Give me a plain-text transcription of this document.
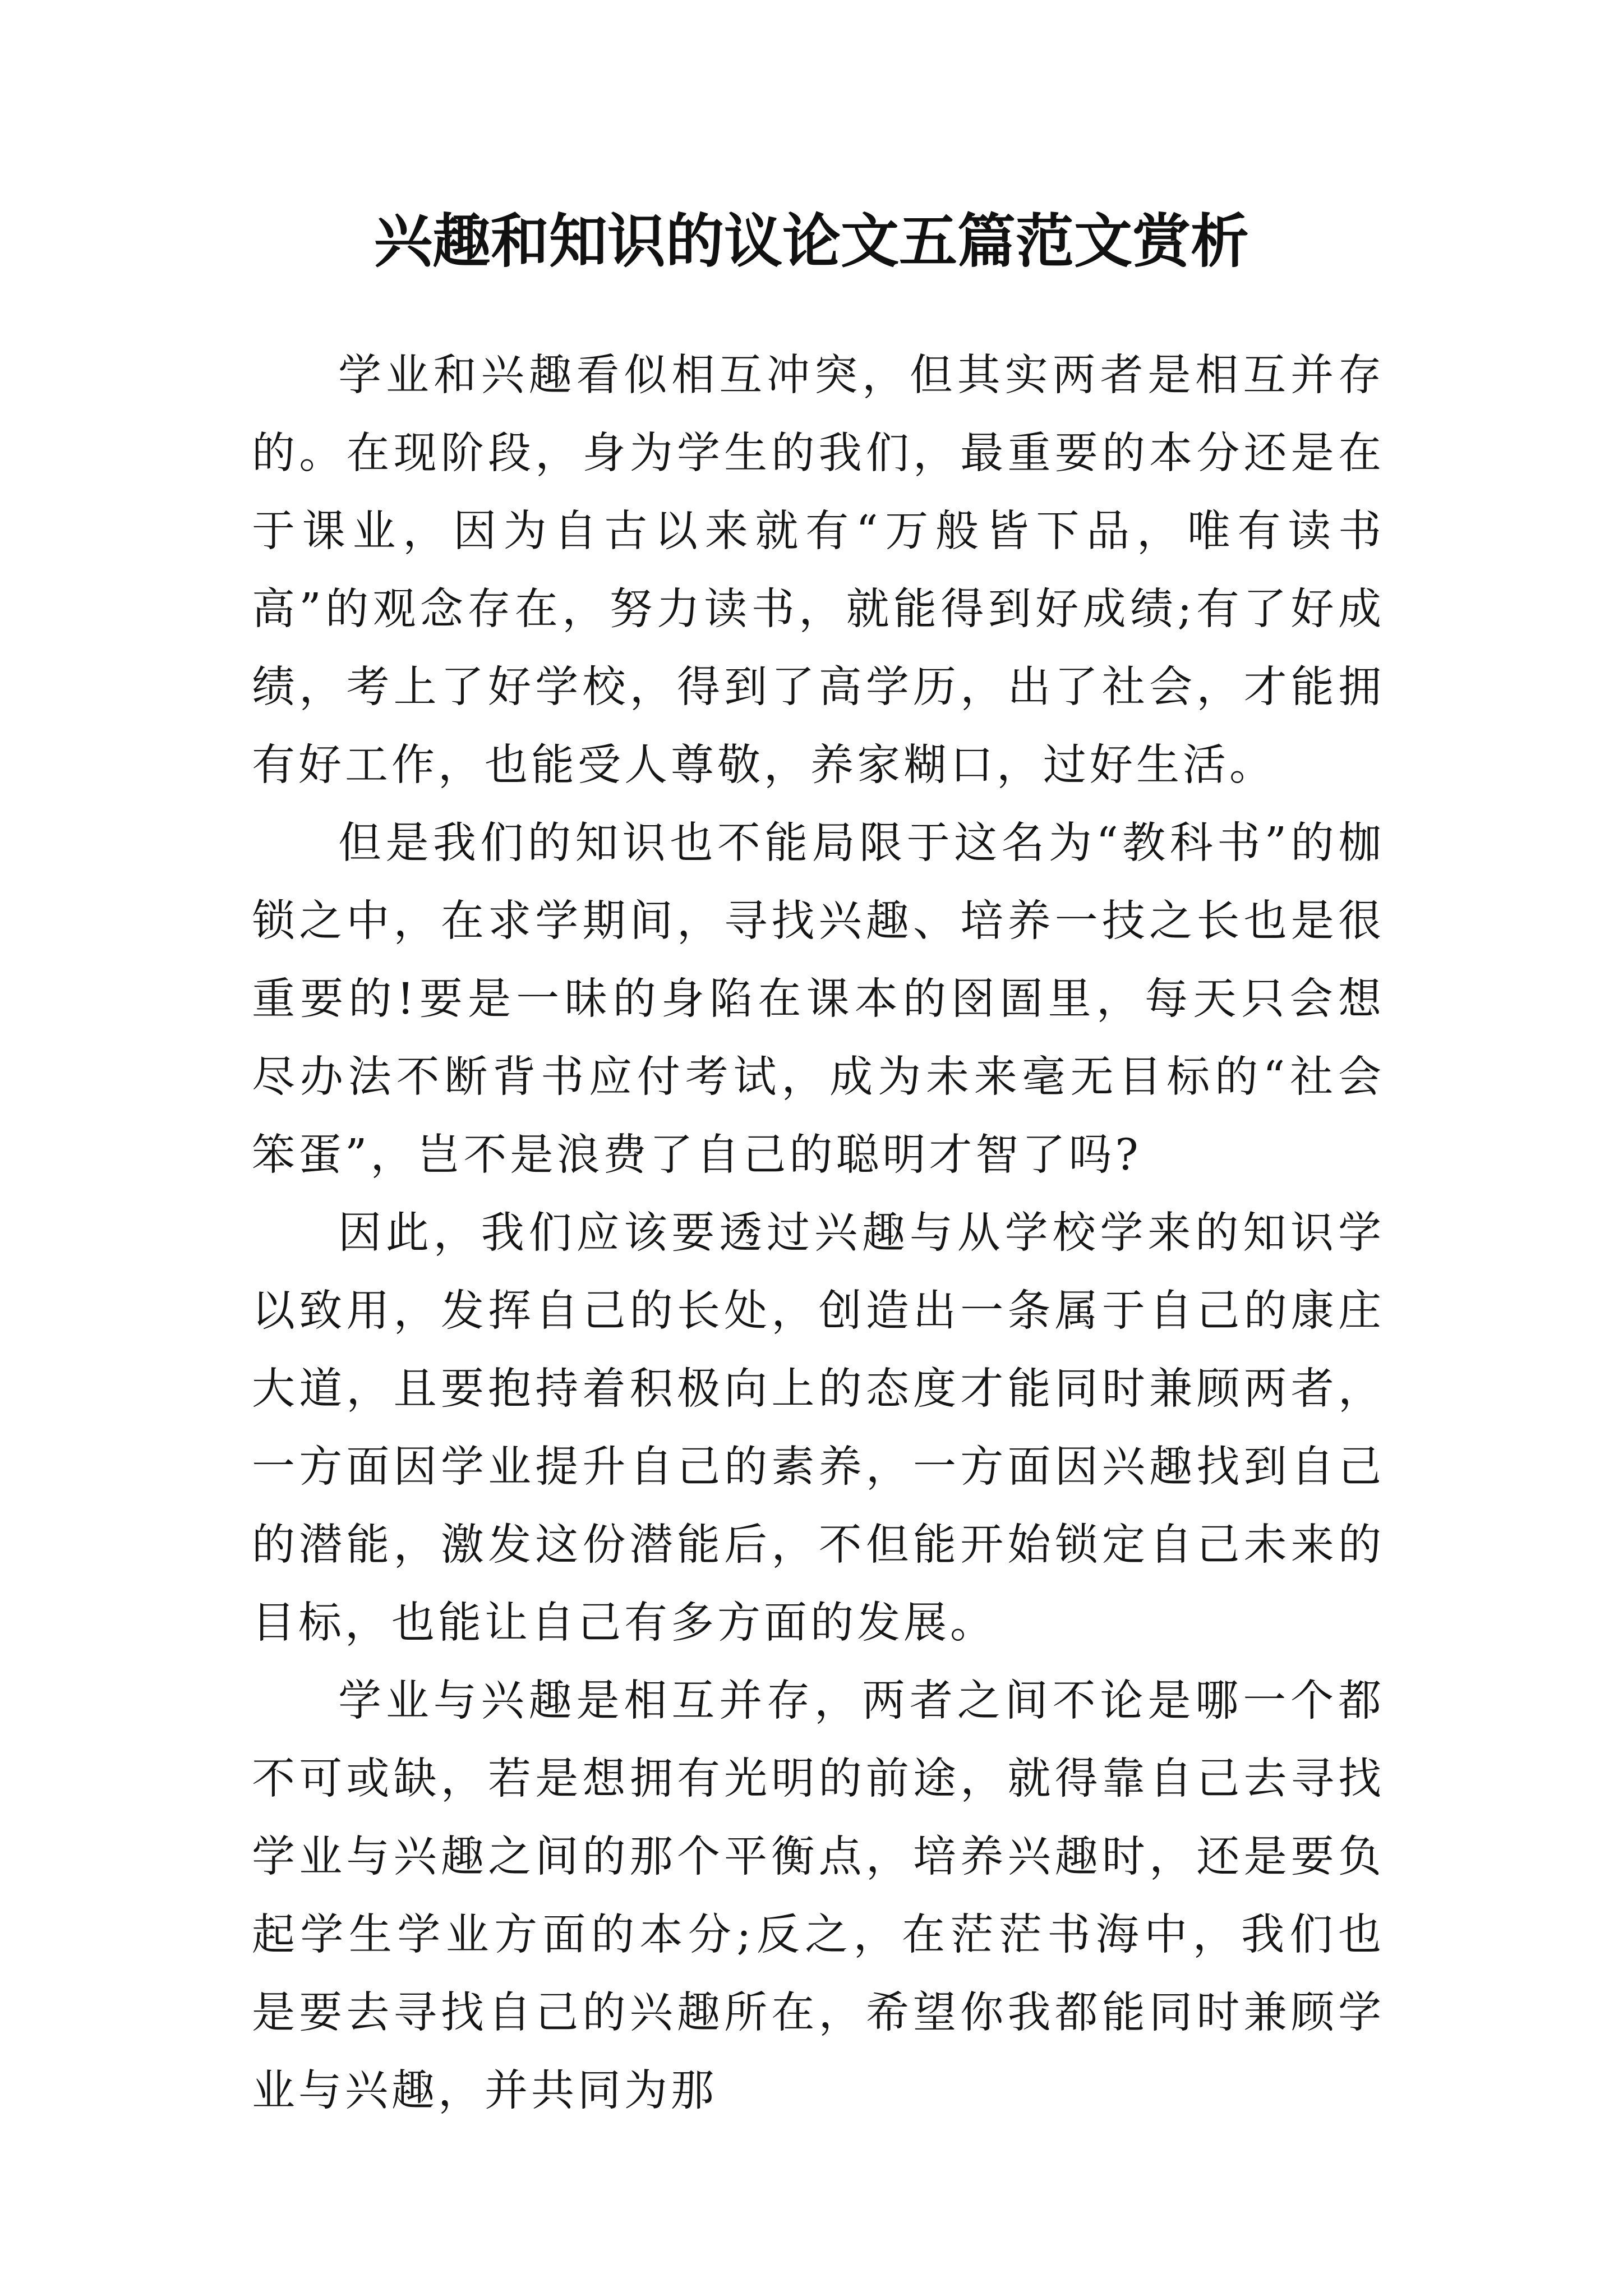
兴趣和知识的议论文五篇范文赏析

学业和兴趣看似相互冲突，但其实两者是相互并存的。在现阶段，身为学生的我们，最重要的本分还是在于课业，因为自古以来就有“万般皆下品，唯有读书高”的观念存在，努力读书，就能得到好成绩;有了好成绩，考上了好学校，得到了高学历，出了社会，才能拥有好工作，也能受人尊敬，养家糊口，过好生活。

但是我们的知识也不能局限于这名为“教科书”的枷锁之中，在求学期间，寻找兴趣、培养一技之长也是很重要的!要是一昧的身陷在课本的囹圄里，每天只会想尽办法不断背书应付考试，成为未来毫无目标的“社会笨蛋”，岂不是浪费了自己的聪明才智了吗?

因此，我们应该要透过兴趣与从学校学来的知识学以致用，发挥自己的长处，创造出一条属于自己的康庄大道，且要抱持着积极向上的态度才能同时兼顾两者，一方面因学业提升自己的素养，一方面因兴趣找到自己的潜能，激发这份潜能后，不但能开始锁定自己未来的目标，也能让自己有多方面的发展。

学业与兴趣是相互并存，两者之间不论是哪一个都不可或缺，若是想拥有光明的前途，就得靠自己去寻找学业与兴趣之间的那个平衡点，培养兴趣时，还是要负起学生学业方面的本分;反之，在茫茫书海中，我们也是要去寻找自己的兴趣所在，希望你我都能同时兼顾学业与兴趣，并共同为那
